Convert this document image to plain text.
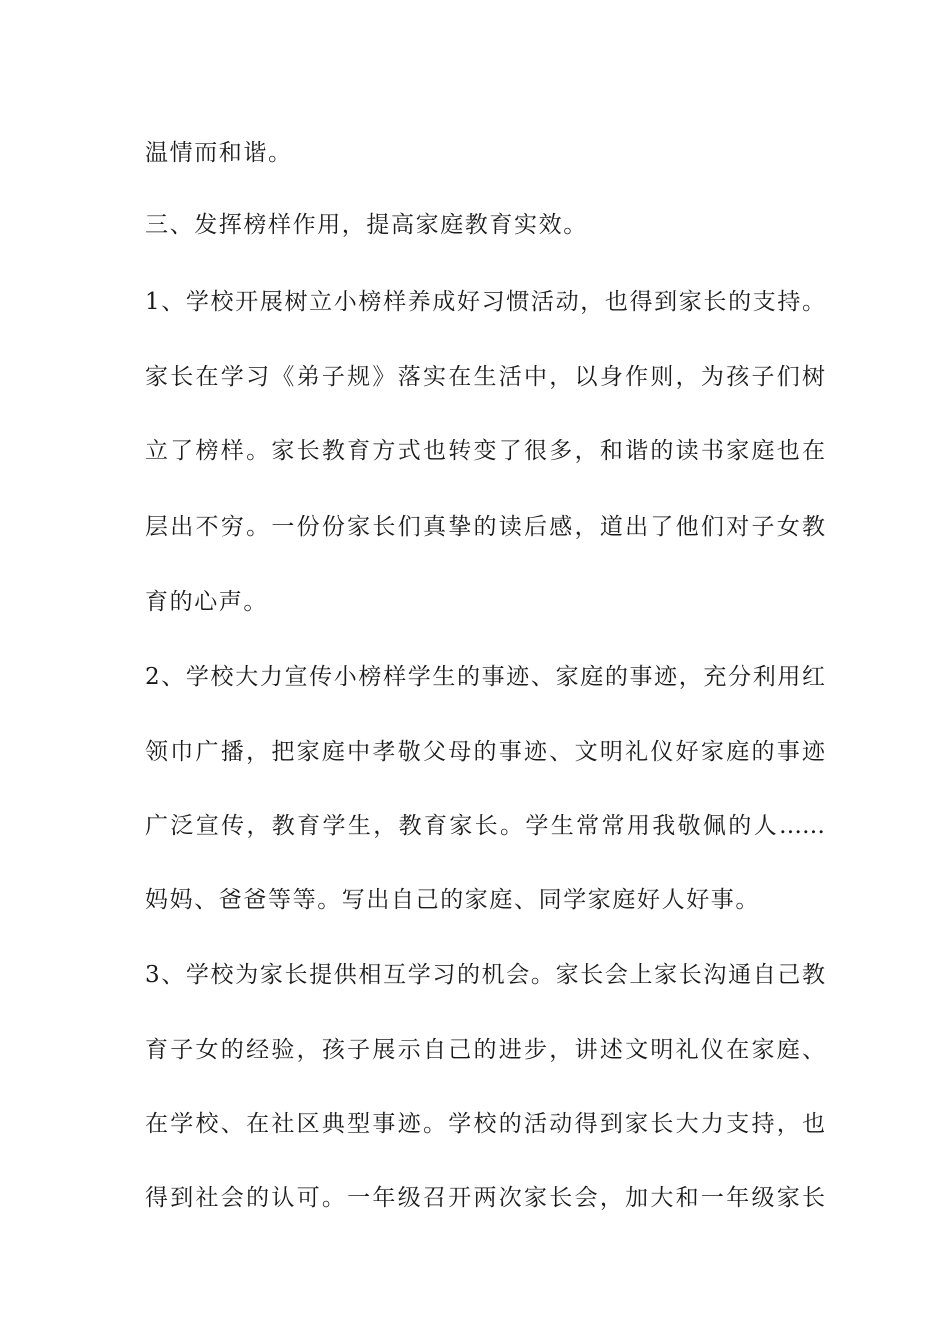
温情而和谐。
三、发挥榜样作用，提高家庭教育实效。
1、学校开展树立小榜样养成好习惯活动，也得到家长的支持。
家长在学习《弟子规》落实在生活中，以身作则，为孩子们树
立了榜样。家长教育方式也转变了很多，和谐的读书家庭也在
层出不穷。一份份家长们真挚的读后感，道出了他们对子女教
育的心声。
2、学校大力宣传小榜样学生的事迹、家庭的事迹，充分利用红
领巾广播，把家庭中孝敬父母的事迹、文明礼仪好家庭的事迹
广泛宣传，教育学生，教育家长。学生常常用我敬佩的人……
妈妈、爸爸等等。写出自己的家庭、同学家庭好人好事。
3、学校为家长提供相互学习的机会。家长会上家长沟通自己教
育子女的经验，孩子展示自己的进步，讲述文明礼仪在家庭、
在学校、在社区典型事迹。学校的活动得到家长大力支持，也
得到社会的认可。一年级召开两次家长会，加大和一年级家长
